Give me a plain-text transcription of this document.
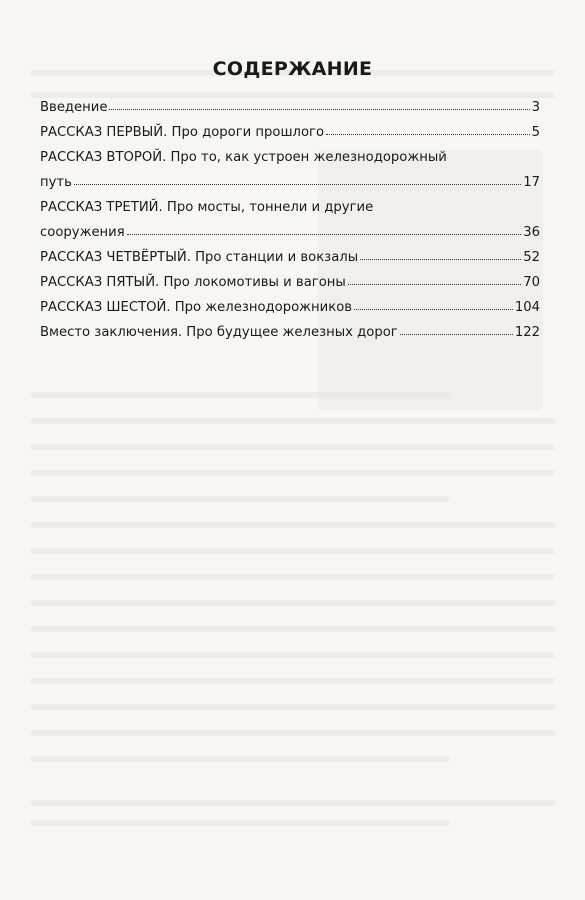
СОДЕРЖАНИЕ
Введение	3
РАССКАЗ ПЕРВЫЙ. Про дороги прошлого	5
РАССКАЗ ВТОРОЙ. Про то, как устроен железнодорожный
путь	17
РАССКАЗ ТРЕТИЙ. Про мосты, тоннели и другие
сооружения	36
РАССКАЗ ЧЕТВЁРТЫЙ. Про станции и вокзалы	52
РАССКАЗ ПЯТЫЙ. Про локомотивы и вагоны	70
РАССКАЗ ШЕСТОЙ. Про железнодорожников	104
Вместо заключения. Про будущее железных дорог	122
